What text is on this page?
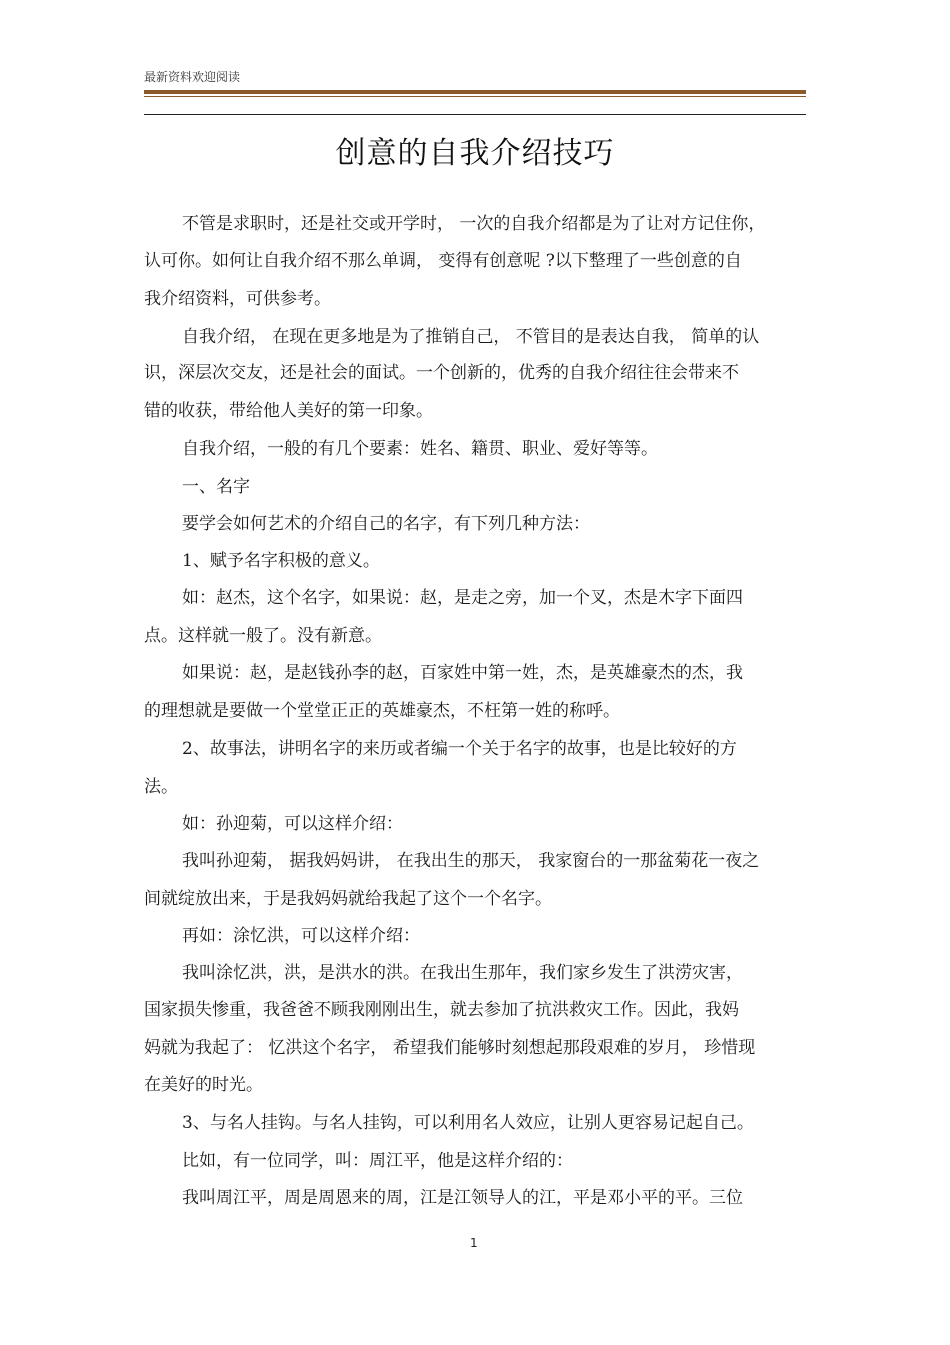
最新资料欢迎阅读
创意的自我介绍技巧
不管是求职时，还是社交或开学时， 一次的自我介绍都是为了让对方记住你，
认可你。如何让自我介绍不那么单调， 变得有创意呢 ?以下整理了一些创意的自
我介绍资料，可供参考。
自我介绍， 在现在更多地是为了推销自己， 不管目的是表达自我， 简单的认
识，深层次交友，还是社会的面试。一个创新的，优秀的自我介绍往往会带来不
错的收获，带给他人美好的第一印象。
自我介绍，一般的有几个要素：姓名、籍贯、职业、爱好等等。
一、名字
要学会如何艺术的介绍自己的名字，有下列几种方法：
1、赋予名字积极的意义。
如：赵杰，这个名字，如果说：赵，是走之旁，加一个叉，杰是木字下面四
点。这样就一般了。没有新意。
如果说：赵，是赵钱孙李的赵，百家姓中第一姓，杰，是英雄豪杰的杰，我
的理想就是要做一个堂堂正正的英雄豪杰，不枉第一姓的称呼。
2、故事法，讲明名字的来历或者编一个关于名字的故事，也是比较好的方
法。
如：孙迎菊，可以这样介绍：
我叫孙迎菊， 据我妈妈讲， 在我出生的那天， 我家窗台的一那盆菊花一夜之
间就绽放出来，于是我妈妈就给我起了这个一个名字。
再如：涂忆洪，可以这样介绍：
我叫涂忆洪，洪，是洪水的洪。在我出生那年，我们家乡发生了洪涝灾害，
国家损失惨重，我爸爸不顾我刚刚出生，就去参加了抗洪救灾工作。因此，我妈
妈就为我起了： 忆洪这个名字， 希望我们能够时刻想起那段艰难的岁月， 珍惜现
在美好的时光。
3、与名人挂钩。与名人挂钩，可以利用名人效应，让别人更容易记起自己。
比如，有一位同学，叫：周江平，他是这样介绍的：
我叫周江平，周是周恩来的周，江是江领导人的江，平是邓小平的平。三位
1
